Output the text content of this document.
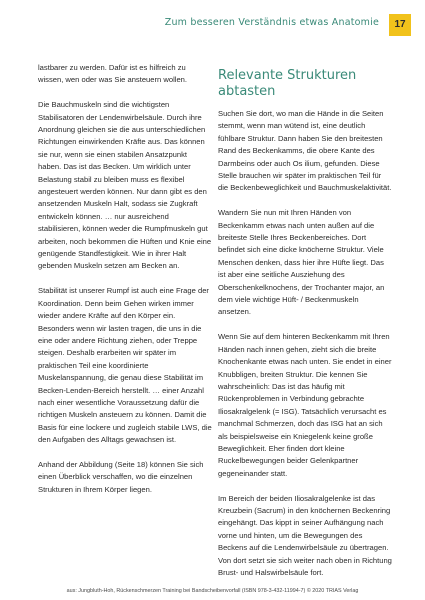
Zum besseren Verständnis etwas Anatomie	17

lastbarer zu werden. Dafür ist es hilfreich zu wissen, wen oder was Sie ansteuern wollen.

Die Bauchmuskeln sind die wichtigsten Stabilisatoren der Lendenwirbelsäule. Durch ihre Anordnung gleichen sie die aus unterschiedlichen Richtungen einwirkenden Kräfte aus. Das können sie nur, wenn sie einen stabilen Ansatzpunkt haben. Das ist das Becken. Um wirklich unter Belastung stabil zu bleiben muss es flexibel angesteuert werden können. Nur dann gibt es den ansetzenden Muskeln Halt, sodass sie Zugkraft entwickeln können. … nur ausreichend stabilisieren, können weder die Rumpfmuskeln gut arbeiten, noch bekommen die Hüften und Knie eine genügende Standfestigkeit. Wie in ihrer Halt gebenden Muskeln setzen am Becken an.

Stabilität ist unserer Rumpf ist auch eine Frage der Koordination. Denn beim Gehen wirken immer wieder andere Kräfte auf den Körper ein. Besonders wenn wir lasten tragen, die uns in die eine oder andere Richtung ziehen, oder Treppe steigen. Deshalb erarbeiten wir später im praktischen Teil eine koordinierte Muskelanspannung, die genau diese Stabilität im Becken-Lenden-Bereich herstellt. … einer Anzahl nach einer wesentliche Voraussetzung dafür die richtigen Muskeln ansteuern zu können. Damit die Basis für eine lockere und zugleich stabile LWS, die den Aufgaben des Alltags gewachsen ist.

Anhand der Abbildung (Seite 18) können Sie sich einen Überblick verschaffen, wo die einzelnen Strukturen in Ihrem Körper liegen.

Relevante Strukturen abtasten

Suchen Sie dort, wo man die Hände in die Seiten stemmt, wenn man wütend ist, eine deutlich fühlbare Struktur. Dann haben Sie den breitesten Rand des Beckenkamms, die obere Kante des Darmbeins oder auch Os ilium, gefunden. Diese Stelle brauchen wir später im praktischen Teil für die Beckenbeweglichkeit und Bauchmuskelaktivität.

Wandern Sie nun mit Ihren Händen von Beckenkamm etwas nach unten außen auf die breiteste Stelle Ihres Beckenbereiches. Dort befindet sich eine dicke knöcherne Struktur. Viele Menschen denken, dass hier ihre Hüfte liegt. Das ist aber eine seitliche Ausziehung des Oberschenkelknochens, der Trochanter major, an dem viele wichtige Hüft- / Beckenmuskeln ansetzen.

Wenn Sie auf dem hinteren Beckenkamm mit Ihren Händen nach innen gehen, zieht sich die breite Knochenkante etwas nach unten. Sie endet in einer Knubbligen, breiten Struktur. Die kennen Sie wahrscheinlich: Das ist das häufig mit Rückenproblemen in Verbindung gebrachte Iliosakralgelenk (= ISG). Tatsächlich verursacht es manchmal Schmerzen, doch das ISG hat an sich als beispielsweise ein Kniegelenk keine große Beweglichkeit. Eher finden dort kleine Ruckelbewegungen beider Gelenkpartner gegeneinander statt.

Im Bereich der beiden Iliosakralgelenke ist das Kreuzbein (Sacrum) in den knöchernen Beckenring eingehängt. Das kippt in seiner Aufhängung nach vorne und hinten, um die Bewegungen des Beckens auf die Lendenwirbelsäule zu übertragen. Von dort setzt sie sich weiter nach oben in Richtung Brust- und Halswirbelsäule fort.

aus: Jungbluth-Hoh, Rückenschmerzen Training bei Bandscheibenvorfall (ISBN 978-3-432-11994-7) © 2020 TRIAS Verlag
